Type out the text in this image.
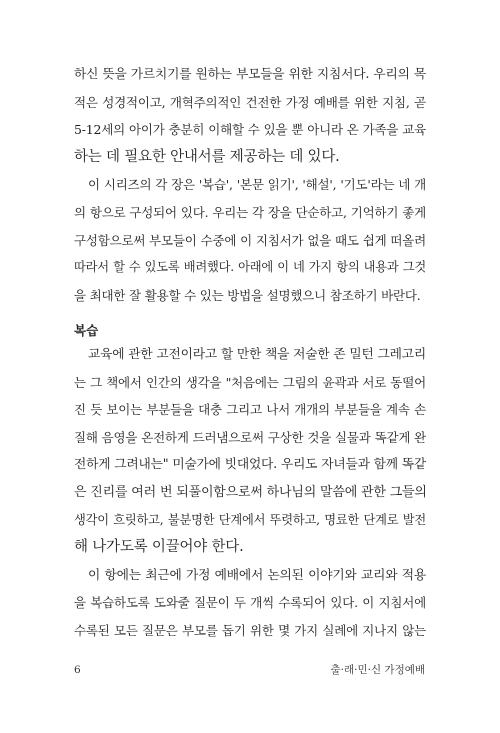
하신 뜻을 가르치기를 원하는 부모들을 위한 지침서다. 우리의 목
적은 성경적이고, 개혁주의적인 건전한 가정 예배를 위한 지침, 곧
5-12세의 아이가 충분히 이해할 수 있을 뿐 아니라 온 가족을 교육
하는 데 필요한 안내서를 제공하는 데 있다.
이 시리즈의 각 장은 '복습', '본문 읽기', '해설', '기도'라는 네 개
의 항으로 구성되어 있다. 우리는 각 장을 단순하고, 기억하기 좋게
구성함으로써 부모들이 수중에 이 지침서가 없을 때도 쉽게 떠올려
따라서 할 수 있도록 배려했다. 아래에 이 네 가지 항의 내용과 그것
을 최대한 잘 활용할 수 있는 방법을 설명했으니 참조하기 바란다.
복습
교육에 관한 고전이라고 할 만한 책을 저술한 존 밀턴 그레고리
는 그 책에서 인간의 생각을 "처음에는 그림의 윤곽과 서로 동떨어
진 듯 보이는 부분들을 대충 그리고 나서 개개의 부분들을 계속 손
질해 음영을 온전하게 드러냄으로써 구상한 것을 실물과 똑같게 완
전하게 그려내는" 미술가에 빗대었다. 우리도 자녀들과 함께 똑같
은 진리를 여러 번 되풀이함으로써 하나님의 말씀에 관한 그들의
생각이 흐릿하고, 불분명한 단계에서 뚜렷하고, 명료한 단계로 발전
해 나가도록 이끌어야 한다.
이 항에는 최근에 가정 예배에서 논의된 이야기와 교리와 적용
을 복습하도록 도와줄 질문이 두 개씩 수록되어 있다. 이 지침서에
수록된 모든 질문은 부모를 돕기 위한 몇 가지 실례에 지나지 않는
6	출·래·민·신 가정예배
